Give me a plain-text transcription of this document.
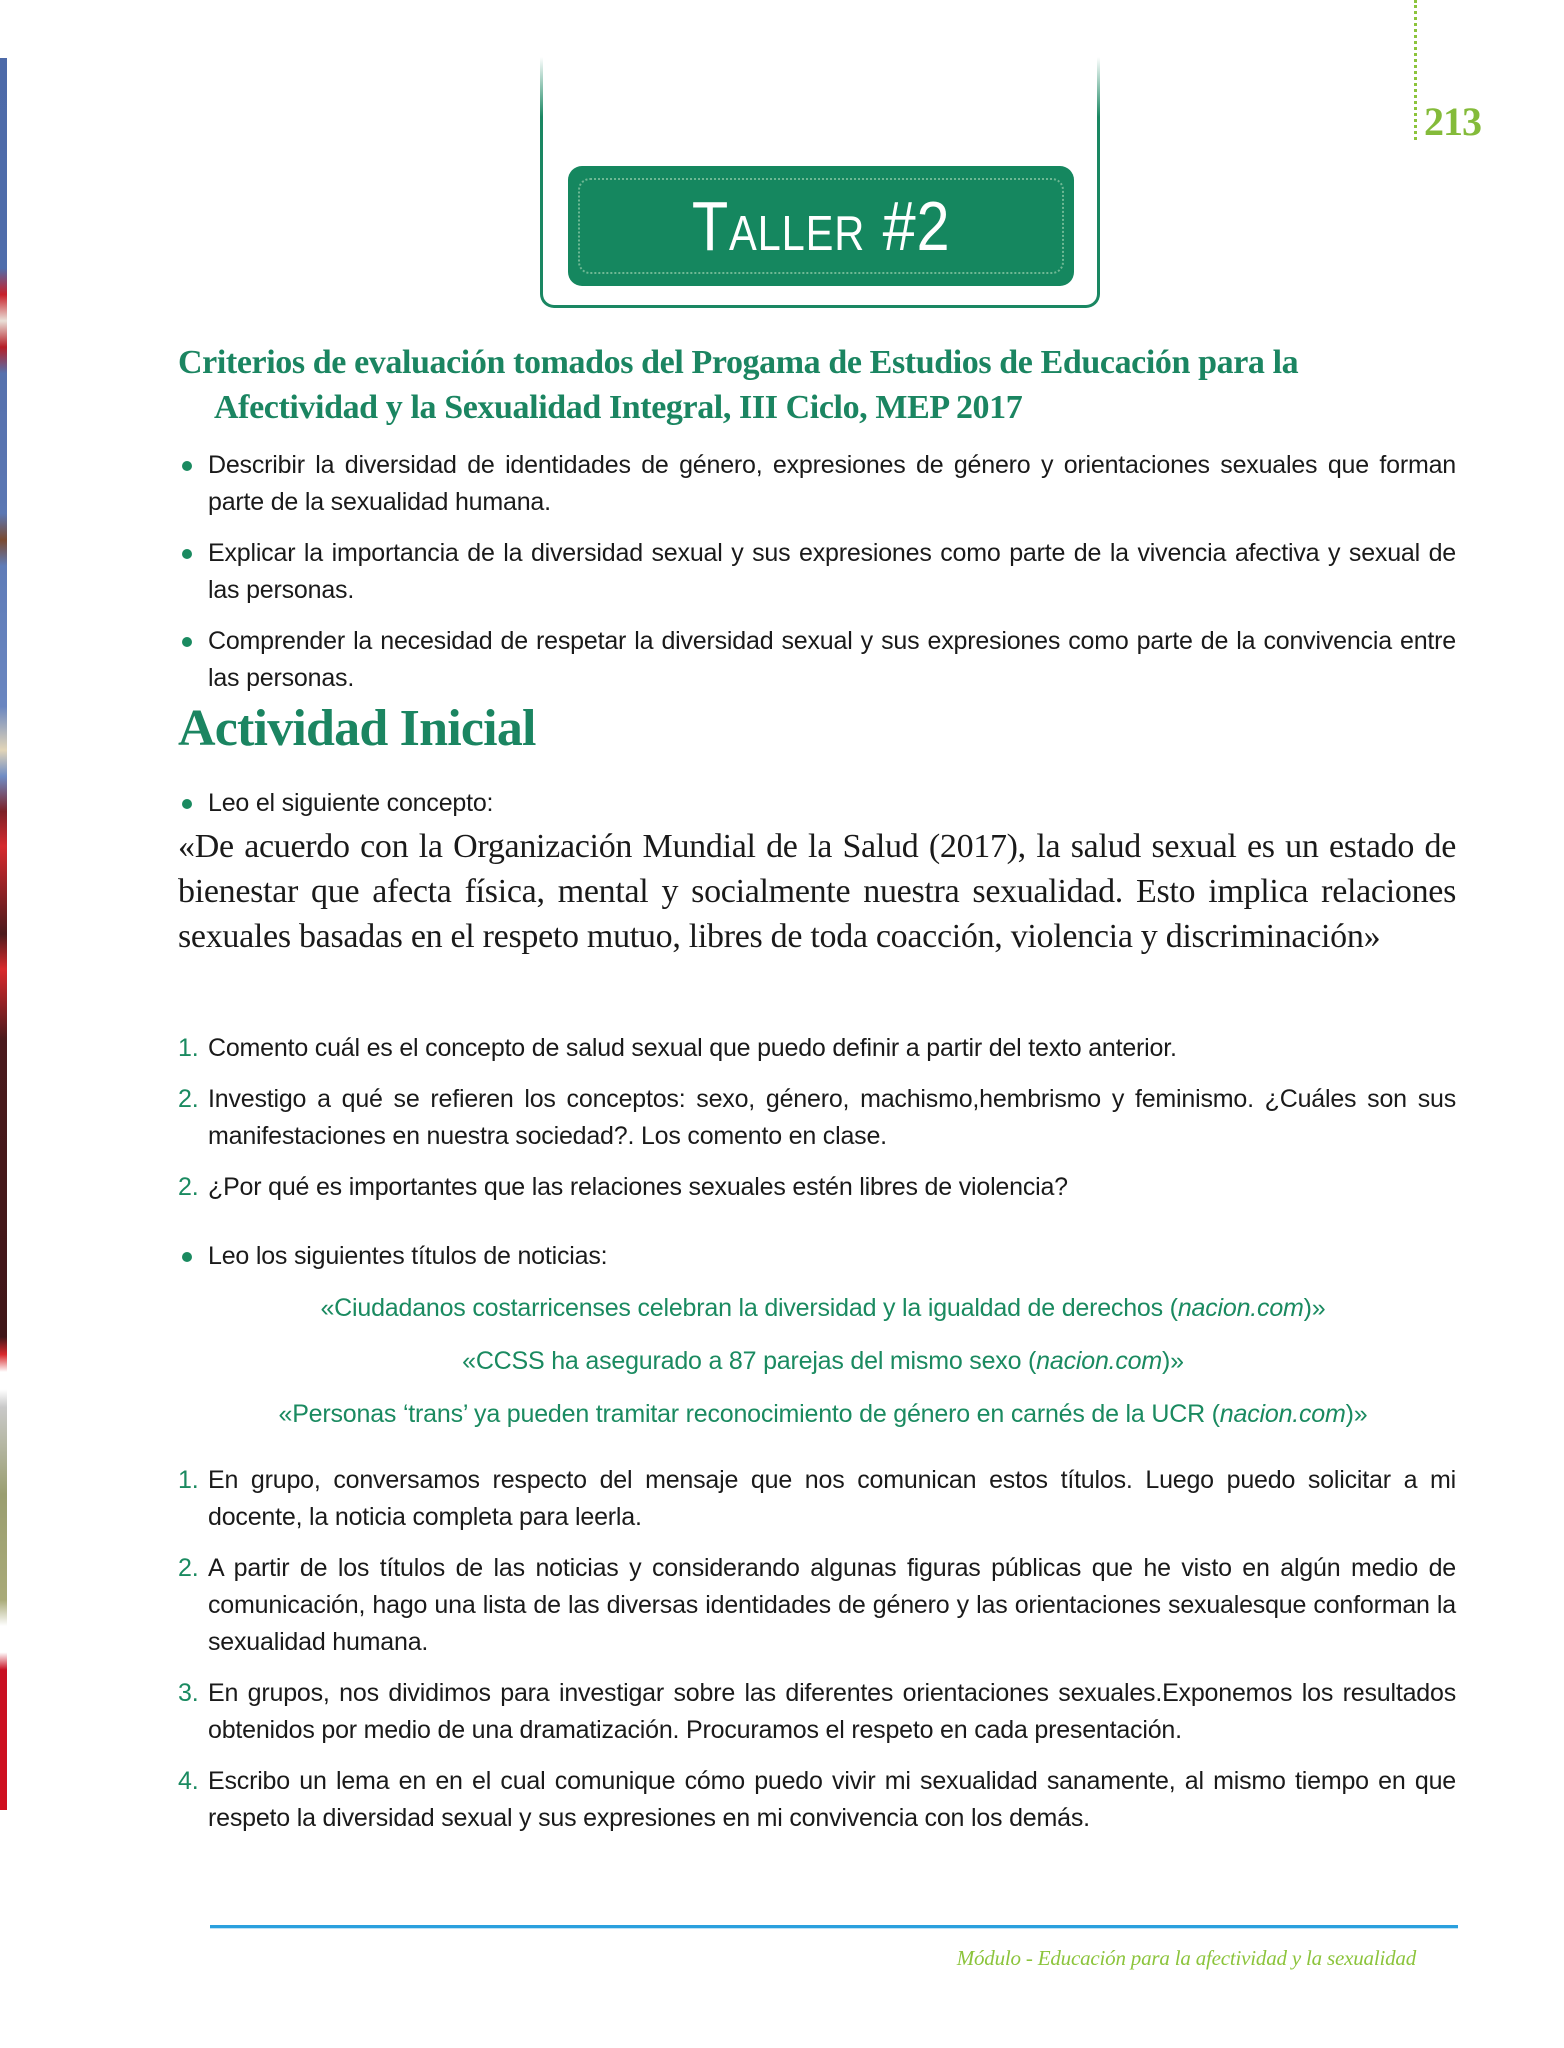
213
Taller #2
Criterios de evaluación tomados del Progama de Estudios de Educación para la
Afectividad y la Sexualidad Integral, III Ciclo, MEP 2017
Describir la diversidad de identidades de género, expresiones de género y orientaciones sexuales que forman parte de la sexualidad humana.
Explicar la importancia de la diversidad sexual y sus expresiones como parte de la vivencia afectiva y sexual de las personas.
Comprender la necesidad de respetar la diversidad sexual y sus expresiones como parte de la convivencia entre las personas.
Actividad Inicial
Leo el siguiente concepto:
«De acuerdo con la Organización Mundial de la Salud (2017), la salud sexual es un estado de bienestar que afecta física, mental y socialmente nuestra sexualidad. Esto implica relaciones sexuales basadas en el respeto mutuo, libres de toda coacción, violencia y discriminación»
1. Comento cuál es el concepto de salud sexual que puedo definir a partir del texto anterior.
2. Investigo a qué se refieren los conceptos: sexo, género, machismo,hembrismo y feminismo. ¿Cuáles son sus manifestaciones en nuestra sociedad?. Los comento en clase.
2. ¿Por qué es importantes que las relaciones sexuales estén libres de violencia?
Leo los siguientes títulos de noticias:
«Ciudadanos costarricenses celebran la diversidad y la igualdad de derechos (nacion.com)»
«CCSS ha asegurado a 87 parejas del mismo sexo (nacion.com)»
«Personas ‘trans’ ya pueden tramitar reconocimiento de género en carnés de la UCR (nacion.com)»
1. En grupo, conversamos respecto del mensaje que nos comunican estos títulos. Luego puedo solicitar a mi docente, la noticia completa para leerla.
2. A partir de los títulos de las noticias y considerando algunas figuras públicas que he visto en algún medio de comunicación, hago una lista de las diversas identidades de género y las orientaciones sexualesque conforman la sexualidad humana.
3. En grupos, nos dividimos para investigar sobre las diferentes orientaciones sexuales.Exponemos los resultados obtenidos por medio de una dramatización. Procuramos el respeto en cada presentación.
4. Escribo un lema en en el cual comunique cómo puedo vivir mi sexualidad sanamente, al mismo tiempo en que respeto la diversidad sexual y sus expresiones en mi convivencia con los demás.
Módulo - Educación para la afectividad y la sexualidad
